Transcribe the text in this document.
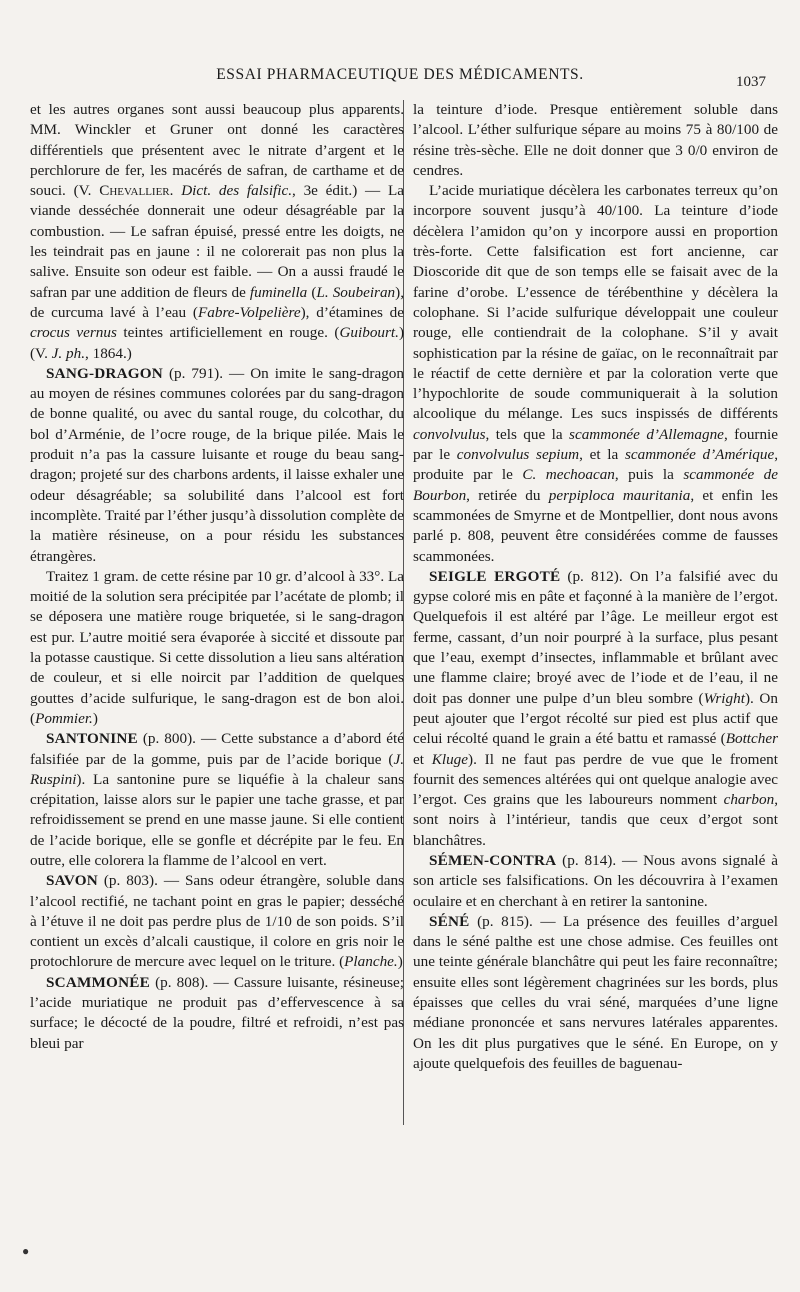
ESSAI PHARMACEUTIQUE DES MÉDICAMENTS.	1037

et les autres organes sont aussi beaucoup plus apparents. MM. Winckler et Gruner ont donné les caractères différentiels que présentent avec le nitrate d’argent et le perchlorure de fer, les macérés de safran, de carthame et de souci. (V. Chevallier. Dict. des falsific., 3e édit.) — La viande desséchée donnerait une odeur désagréable par la combustion. — Le safran épuisé, pressé entre les doigts, ne les teindrait pas en jaune : il ne colorerait pas non plus la salive. Ensuite son odeur est faible. — On a aussi fraudé le safran par une addition de fleurs de fuminella (L. Soubeiran), de curcuma lavé à l’eau (Fabre-Volpelière), d’étamines de crocus vernus teintes artificiellement en rouge. (Guibourt.) (V. J. ph., 1864.)

SANG-DRAGON (p. 791). — On imite le sang-dragon au moyen de résines communes colorées par du sang-dragon de bonne qualité, ou avec du santal rouge, du colcothar, du bol d’Arménie, de l’ocre rouge, de la brique pilée. Mais le produit n’a pas la cassure luisante et rouge du beau sang-dragon; projeté sur des charbons ardents, il laisse exhaler une odeur désagréable; sa solubilité dans l’alcool est fort incomplète. Traité par l’éther jusqu’à dissolution complète de la matière résineuse, on a pour résidu les substances étrangères.

Traitez 1 gram. de cette résine par 10 gr. d’alcool à 33°. La moitié de la solution sera précipitée par l’acétate de plomb; il se déposera une matière rouge briquetée, si le sang-dragon est pur. L’autre moitié sera évaporée à siccité et dissoute par la potasse caustique. Si cette dissolution a lieu sans altération de couleur, et si elle noircit par l’addition de quelques gouttes d’acide sulfurique, le sang-dragon est de bon aloi. (Pommier.)

SANTONINE (p. 800). — Cette substance a d’abord été falsifiée par de la gomme, puis par de l’acide borique (J. Ruspini). La santonine pure se liquéfie à la chaleur sans crépitation, laisse alors sur le papier une tache grasse, et par refroidissement se prend en une masse jaune. Si elle contient de l’acide borique, elle se gonfle et décrépite par le feu. En outre, elle colorera la flamme de l’alcool en vert.

SAVON (p. 803). — Sans odeur étrangère, soluble dans l’alcool rectifié, ne tachant point en gras le papier; desséché à l’étuve il ne doit pas perdre plus de 1/10 de son poids. S’il contient un excès d’alcali caustique, il colore en gris noir le protochlorure de mercure avec lequel on le triture. (Planche.)

SCAMMONÉE (p. 808). — Cassure luisante, résineuse; l’acide muriatique ne produit pas d’effervescence à sa surface; le décocté de la poudre, filtré et refroidi, n’est pas bleui par

la teinture d’iode. Presque entièrement soluble dans l’alcool. L’éther sulfurique sépare au moins 75 à 80/100 de résine très-sèche. Elle ne doit donner que 3 0/0 environ de cendres.

L’acide muriatique décèlera les carbonates terreux qu’on incorpore souvent jusqu’à 40/100. La teinture d’iode décèlera l’amidon qu’on y incorpore aussi en proportion très-forte. Cette falsification est fort ancienne, car Dioscoride dit que de son temps elle se faisait avec de la farine d’orobe. L’essence de térébenthine y décèlera la colophane. Si l’acide sulfurique développait une couleur rouge, elle contiendrait de la colophane. S’il y avait sophistication par la résine de gaïac, on le reconnaîtrait par le réactif de cette dernière et par la coloration verte que l’hypochlorite de soude communiquerait à la solution alcoolique du mélange. Les sucs inspissés de différents convolvulus, tels que la scammonée d’Allemagne, fournie par le convolvulus sepium, et la scammonée d’Amérique, produite par le C. mechoacan, puis la scammonée de Bourbon, retirée du perpiploca mauritania, et enfin les scammonées de Smyrne et de Montpellier, dont nous avons parlé p. 808, peuvent être considérées comme de fausses scammonées.

SEIGLE ERGOTÉ (p. 812). On l’a falsifié avec du gypse coloré mis en pâte et façonné à la manière de l’ergot. Quelquefois il est altéré par l’âge. Le meilleur ergot est ferme, cassant, d’un noir pourpré à la surface, plus pesant que l’eau, exempt d’insectes, inflammable et brûlant avec une flamme claire; broyé avec de l’iode et de l’eau, il ne doit pas donner une pulpe d’un bleu sombre (Wright). On peut ajouter que l’ergot récolté sur pied est plus actif que celui récolté quand le grain a été battu et ramassé (Bottcher et Kluge). Il ne faut pas perdre de vue que le froment fournit des semences altérées qui ont quelque analogie avec l’ergot. Ces grains que les laboureurs nomment charbon, sont noirs à l’intérieur, tandis que ceux d’ergot sont blanchâtres.

SÉMEN-CONTRA (p. 814). — Nous avons signalé à son article ses falsifications. On les découvrira à l’examen oculaire et en cherchant à en retirer la santonine.

SÉNÉ (p. 815). — La présence des feuilles d’arguel dans le séné palthe est une chose admise. Ces feuilles ont une teinte générale blanchâtre qui peut les faire reconnaître; ensuite elles sont légèrement chagrinées sur les bords, plus épaisses que celles du vrai séné, marquées d’une ligne médiane prononcée et sans nervures latérales apparentes. On les dit plus purgatives que le séné. En Europe, on y ajoute quelquefois des feuilles de baguenau-

●
